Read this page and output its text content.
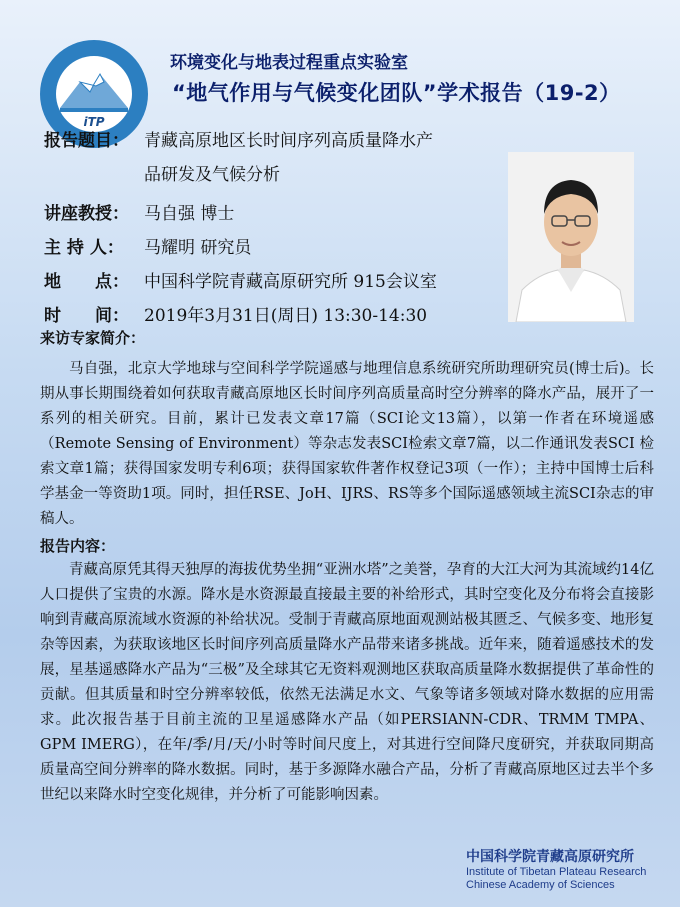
iTP
环境变化与地表过程重点实验室
“地气作用与气候变化团队”学术报告（19-2）
报告题目： 青藏高原地区长时间序列高质量降水产
品研发及气候分析
讲座教授： 马自强 博士
主 持 人： 马耀明 研究员
地　　点： 中国科学院青藏高原研究所 915会议室
时　　间： 2019年3月31日(周日) 13:30-14:30
来访专家简介：
马自强，北京大学地球与空间科学学院遥感与地理信息系统研究所助理研究员(博士后)。长期从事长期围绕着如何获取青藏高原地区长时间序列高质量高时空分辨率的降水产品，展开了一系列的相关研究。目前，累计已发表文章17篇（SCI论文13篇），以第一作者在环境遥感（Remote Sensing of Environment）等杂志发表SCI检索文章7篇，以二作通讯发表SCI 检索文章1篇；获得国家发明专利6项；获得国家软件著作权登记3项（一作）；主持中国博士后科学基金一等资助1项。同时，担任RSE、JoH、IJRS、RS等多个国际遥感领域主流SCI杂志的审稿人。
报告内容：
青藏高原凭其得天独厚的海拔优势坐拥“亚洲水塔”之美誉，孕育的大江大河为其流域约14亿人口提供了宝贵的水源。降水是水资源最直接最主要的补给形式，其时空变化及分布将会直接影响到青藏高原流域水资源的补给状况。受制于青藏高原地面观测站极其匮乏、气候多变、地形复杂等因素，为获取该地区长时间序列高质量降水产品带来诸多挑战。近年来，随着遥感技术的发展，星基遥感降水产品为“三极”及全球其它无资料观测地区获取高质量降水数据提供了革命性的贡献。但其质量和时空分辨率较低，依然无法满足水文、气象等诸多领域对降水数据的应用需求。此次报告基于目前主流的卫星遥感降水产品（如PERSIANN-CDR、TRMM TMPA、GPM IMERG），在年/季/月/天/小时等时间尺度上，对其进行空间降尺度研究，并获取同期高质量高空间分辨率的降水数据。同时，基于多源降水融合产品，分析了青藏高原地区过去半个多世纪以来降水时空变化规律，并分析了可能影响因素。
中国科学院青藏高原研究所
Institute of Tibetan Plateau Research
Chinese Academy of Sciences
